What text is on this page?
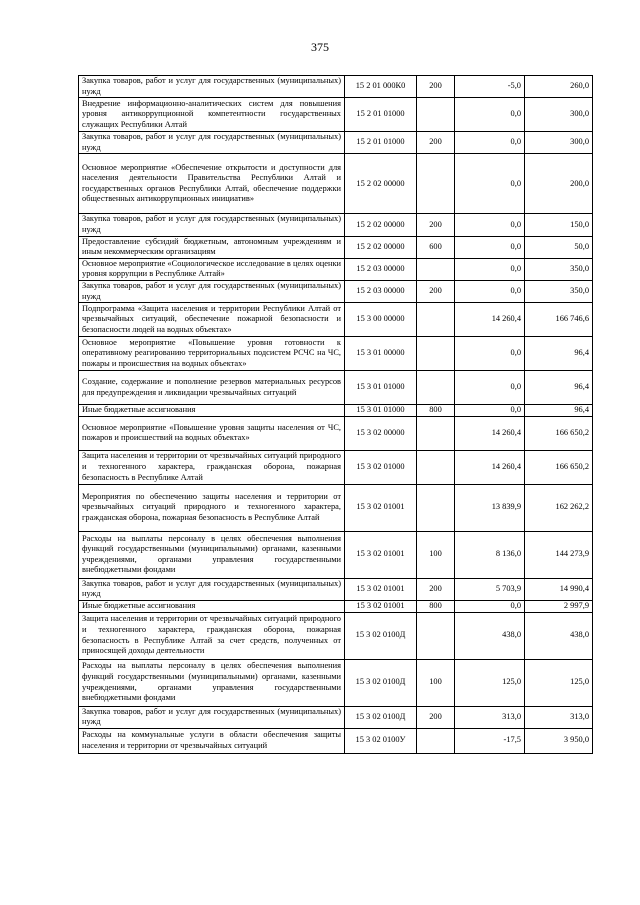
375
Закупка товаров, работ и услуг для государственных (муниципальных) нужд	15 2 01 000К0	200	-5,0	260,0
Внедрение информационно-аналитических систем для повышения уровня антикоррупционной компетентности государственных служащих Республики Алтай	15 2 01 01000		0,0	300,0
Закупка товаров, работ и услуг для государственных (муниципальных) нужд	15 2 01 01000	200	0,0	300,0
Основное мероприятие «Обеспечение открытости и доступности для населения деятельности Правительства Республики Алтай и государственных органов Республики Алтай, обеспечение поддержки общественных антикоррупционных инициатив»	15 2 02 00000		0,0	200,0
Закупка товаров, работ и услуг для государственных (муниципальных) нужд	15 2 02 00000	200	0,0	150,0
Предоставление субсидий бюджетным, автономным учреждениям и иным некоммерческим организациям	15 2 02 00000	600	0,0	50,0
Основное мероприятие «Социологическое исследование в целях оценки уровня коррупции в Республике Алтай»	15 2 03 00000		0,0	350,0
Закупка товаров, работ и услуг для государственных (муниципальных) нужд	15 2 03 00000	200	0,0	350,0
Подпрограмма «Защита населения и территории Республики Алтай от чрезвычайных ситуаций, обеспечение пожарной безопасности и безопасности людей на водных объектах»	15 3 00 00000		14 260,4	166 746,6
Основное мероприятие «Повышение уровня готовности к оперативному реагированию территориальных подсистем РСЧС на ЧС, пожары и происшествия на водных объектах»	15 3 01 00000		0,0	96,4
Создание, содержание и пополнение резервов материальных ресурсов для предупреждения и ликвидации чрезвычайных ситуаций	15 3 01 01000		0,0	96,4
Иные бюджетные ассигнования	15 3 01 01000	800	0,0	96,4
Основное мероприятие «Повышение уровня защиты населения от ЧС, пожаров и происшествий на водных объектах»	15 3 02 00000		14 260,4	166 650,2
Защита населения и территории от чрезвычайных ситуаций природного и техногенного характера, гражданская оборона, пожарная безопасность в Республике Алтай	15 3 02 01000		14 260,4	166 650,2
Мероприятия по обеспечению защиты населения и территории от чрезвычайных ситуаций природного и техногенного характера, гражданская оборона, пожарная безопасность в Республике Алтай	15 3 02 01001		13 839,9	162 262,2
Расходы на выплаты персоналу в целях обеспечения выполнения функций государственными (муниципальными) органами, казенными учреждениями, органами управления государственными внебюджетными фондами	15 3 02 01001	100	8 136,0	144 273,9
Закупка товаров, работ и услуг для государственных (муниципальных) нужд	15 3 02 01001	200	5 703,9	14 990,4
Иные бюджетные ассигнования	15 3 02 01001	800	0,0	2 997,9
Защита населения и территории от чрезвычайных ситуаций природного и техногенного характера, гражданская оборона, пожарная безопасность в Республике Алтай за счет средств, полученных от приносящей доходы деятельности	15 3 02 0100Д		438,0	438,0
Расходы на выплаты персоналу в целях обеспечения выполнения функций государственными (муниципальными) органами, казенными учреждениями, органами управления государственными внебюджетными фондами	15 3 02 0100Д	100	125,0	125,0
Закупка товаров, работ и услуг для государственных (муниципальных) нужд	15 3 02 0100Д	200	313,0	313,0
Расходы на коммунальные услуги в области обеспечения защиты населения и территории от чрезвычайных ситуаций	15 3 02 0100У		-17,5	3 950,0
